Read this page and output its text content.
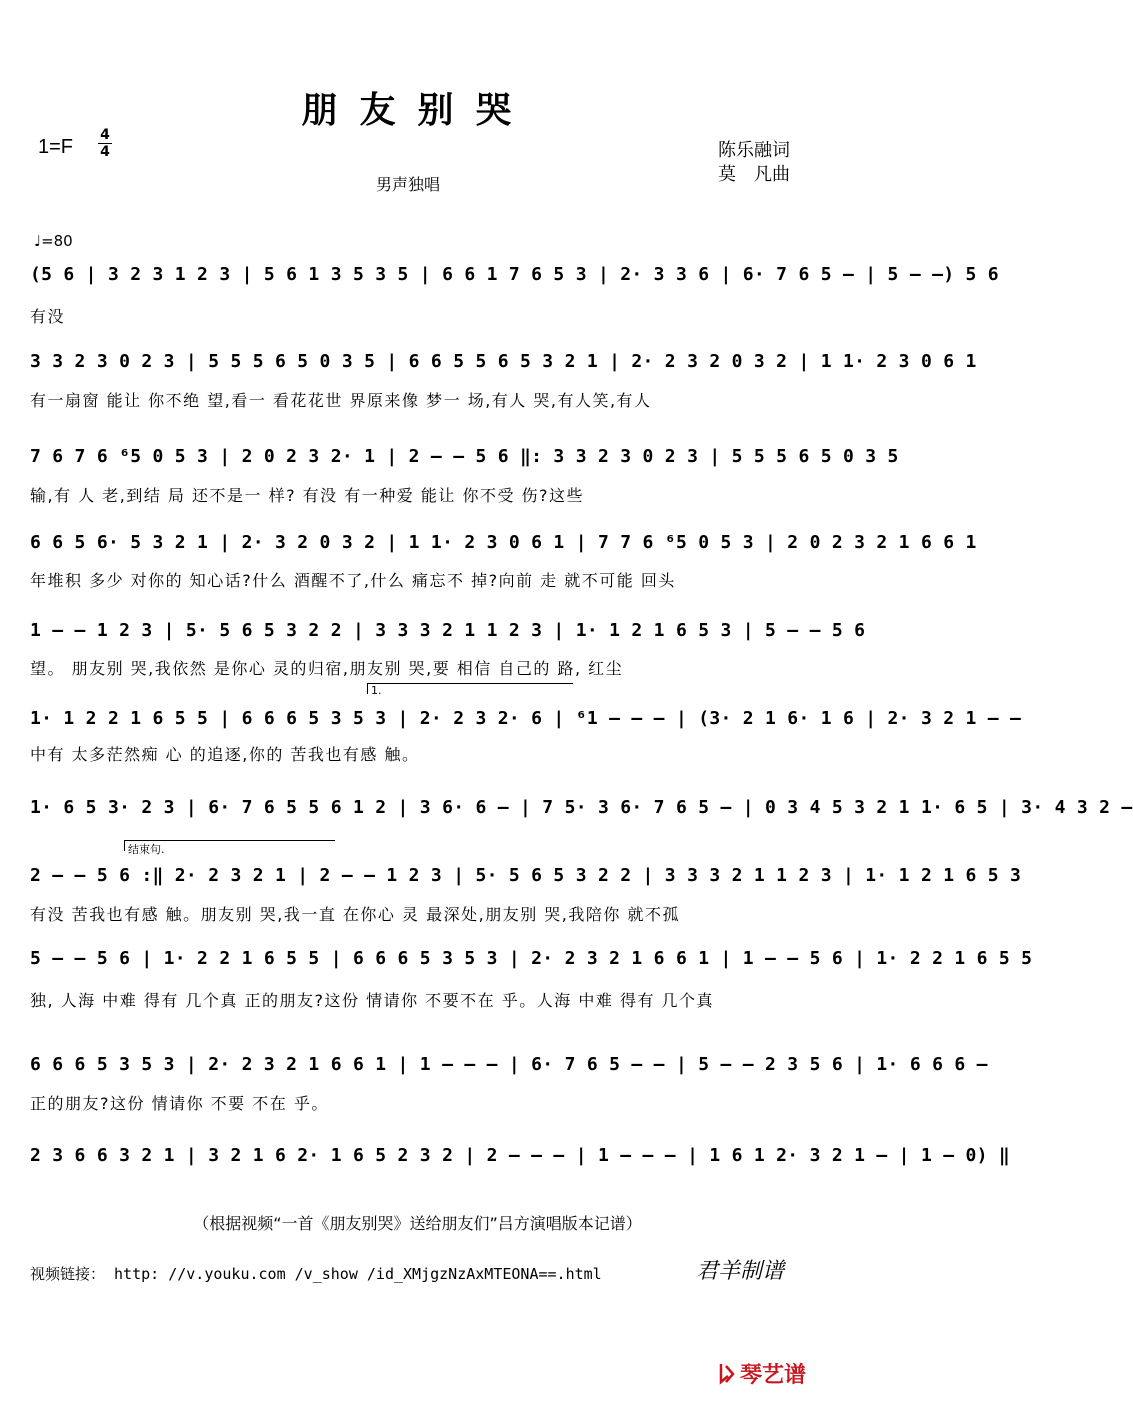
朋友别哭
1=F
4
4	陈乐融词
莫　凡曲
男声独唱
♩=80
(5 6 | 3 2 3 1 2 3 | 5 6 1 3 5 3 5 | 6 6 1 7 6 5 3 | 2· 3 3 6 | 6· 7 6 5 — | 5 — —) 5 6
有没
3 3 2 3 0 2 3 | 5 5 5 6 5 0 3 5 | 6 6 5 5 6 5 3 2 1 | 2· 2 3 2 0 3 2 | 1 1· 2 3 0 6 1
有一扇窗 能让 你不绝 望,看一 看花花世 界原来像 梦一 场,有人 哭,有人笑,有人
7 6 7 6 ⁶5 0 5 3 | 2 0 2 3 2· 1 | 2 — — 5 6 ‖: 3 3 2 3 0 2 3 | 5 5 5 6 5 0 3 5
输,有 人 老,到结 局 还不是一 样? 有没 有一种爱 能让 你不受 伤?这些
6 6 5 6· 5 3 2 1 | 2· 3 2 0 3 2 | 1 1· 2 3 0 6 1 | 7 7 6 ⁶5 0 5 3 | 2 0 2 3 2 1 6 6 1
年堆积 多少 对你的 知心话?什么 酒醒不了,什么 痛忘不 掉?向前 走 就不可能 回头
1 — — 1 2 3 | 5· 5 6 5 3 2 2 | 3 3 3 2 1 1 2 3 | 1· 1 2 1 6 5 3 | 5 — — 5 6
望。 朋友别 哭,我依然 是你心 灵的归宿,朋友别 哭,要 相信 自己的 路, 红尘
1.
1· 1 2 2 1 6 5 5 | 6 6 6 5 3 5 3 | 2· 2 3 2· 6 | ⁶1 — — — | (3· 2 1 6· 1 6 | 2· 3 2 1 — —
中有 太多茫然痴 心 的追逐,你的 苦我也有感 触。
1· 6 5 3· 2 3 | 6· 7 6 5 5 6 1 2 | 3 6· 6 — | 7 5· 3 6· 7 6 5 — | 0 3 4 5 3 2 1 1· 6 5 | 3· 4 3 2 —
结束句.
2 — — 5 6 :‖ 2· 2 3 2 1 | 2 — — 1 2 3 | 5· 5 6 5 3 2 2 | 3 3 3 2 1 1 2 3 | 1· 1 2 1 6 5 3
有没 苦我也有感 触。朋友别 哭,我一直 在你心 灵 最深处,朋友别 哭,我陪你 就不孤
5 — — 5 6 | 1· 2 2 1 6 5 5 | 6 6 6 5 3 5 3 | 2· 2 3 2 1 6 6 1 | 1 — — 5 6 | 1· 2 2 1 6 5 5
独, 人海 中难 得有 几个真 正的朋友?这份 情请你 不要不在 乎。人海 中难 得有 几个真
6 6 6 5 3 5 3 | 2· 2 3 2 1 6 6 1 | 1 — — — | 6· 7 6 5 — — | 5 — — 2 3 5 6 | 1· 6 6 6 —
正的朋友?这份 情请你 不要 不在 乎。
2 3 6 6 3 2 1 | 3 2 1 6 2· 1 6 5 2 3 2 | 2 — — — | 1 — — — | 1 6 1 2· 3 2 1 — | 1 — 0) ‖
（根据视频“一首《朋友别哭》送给朋友们”吕方演唱版本记谱）
视频链接： http: //v.youku.com /v_show /id_XMjgzNzAxMTEONA==.html	君羊制谱
琴艺谱
